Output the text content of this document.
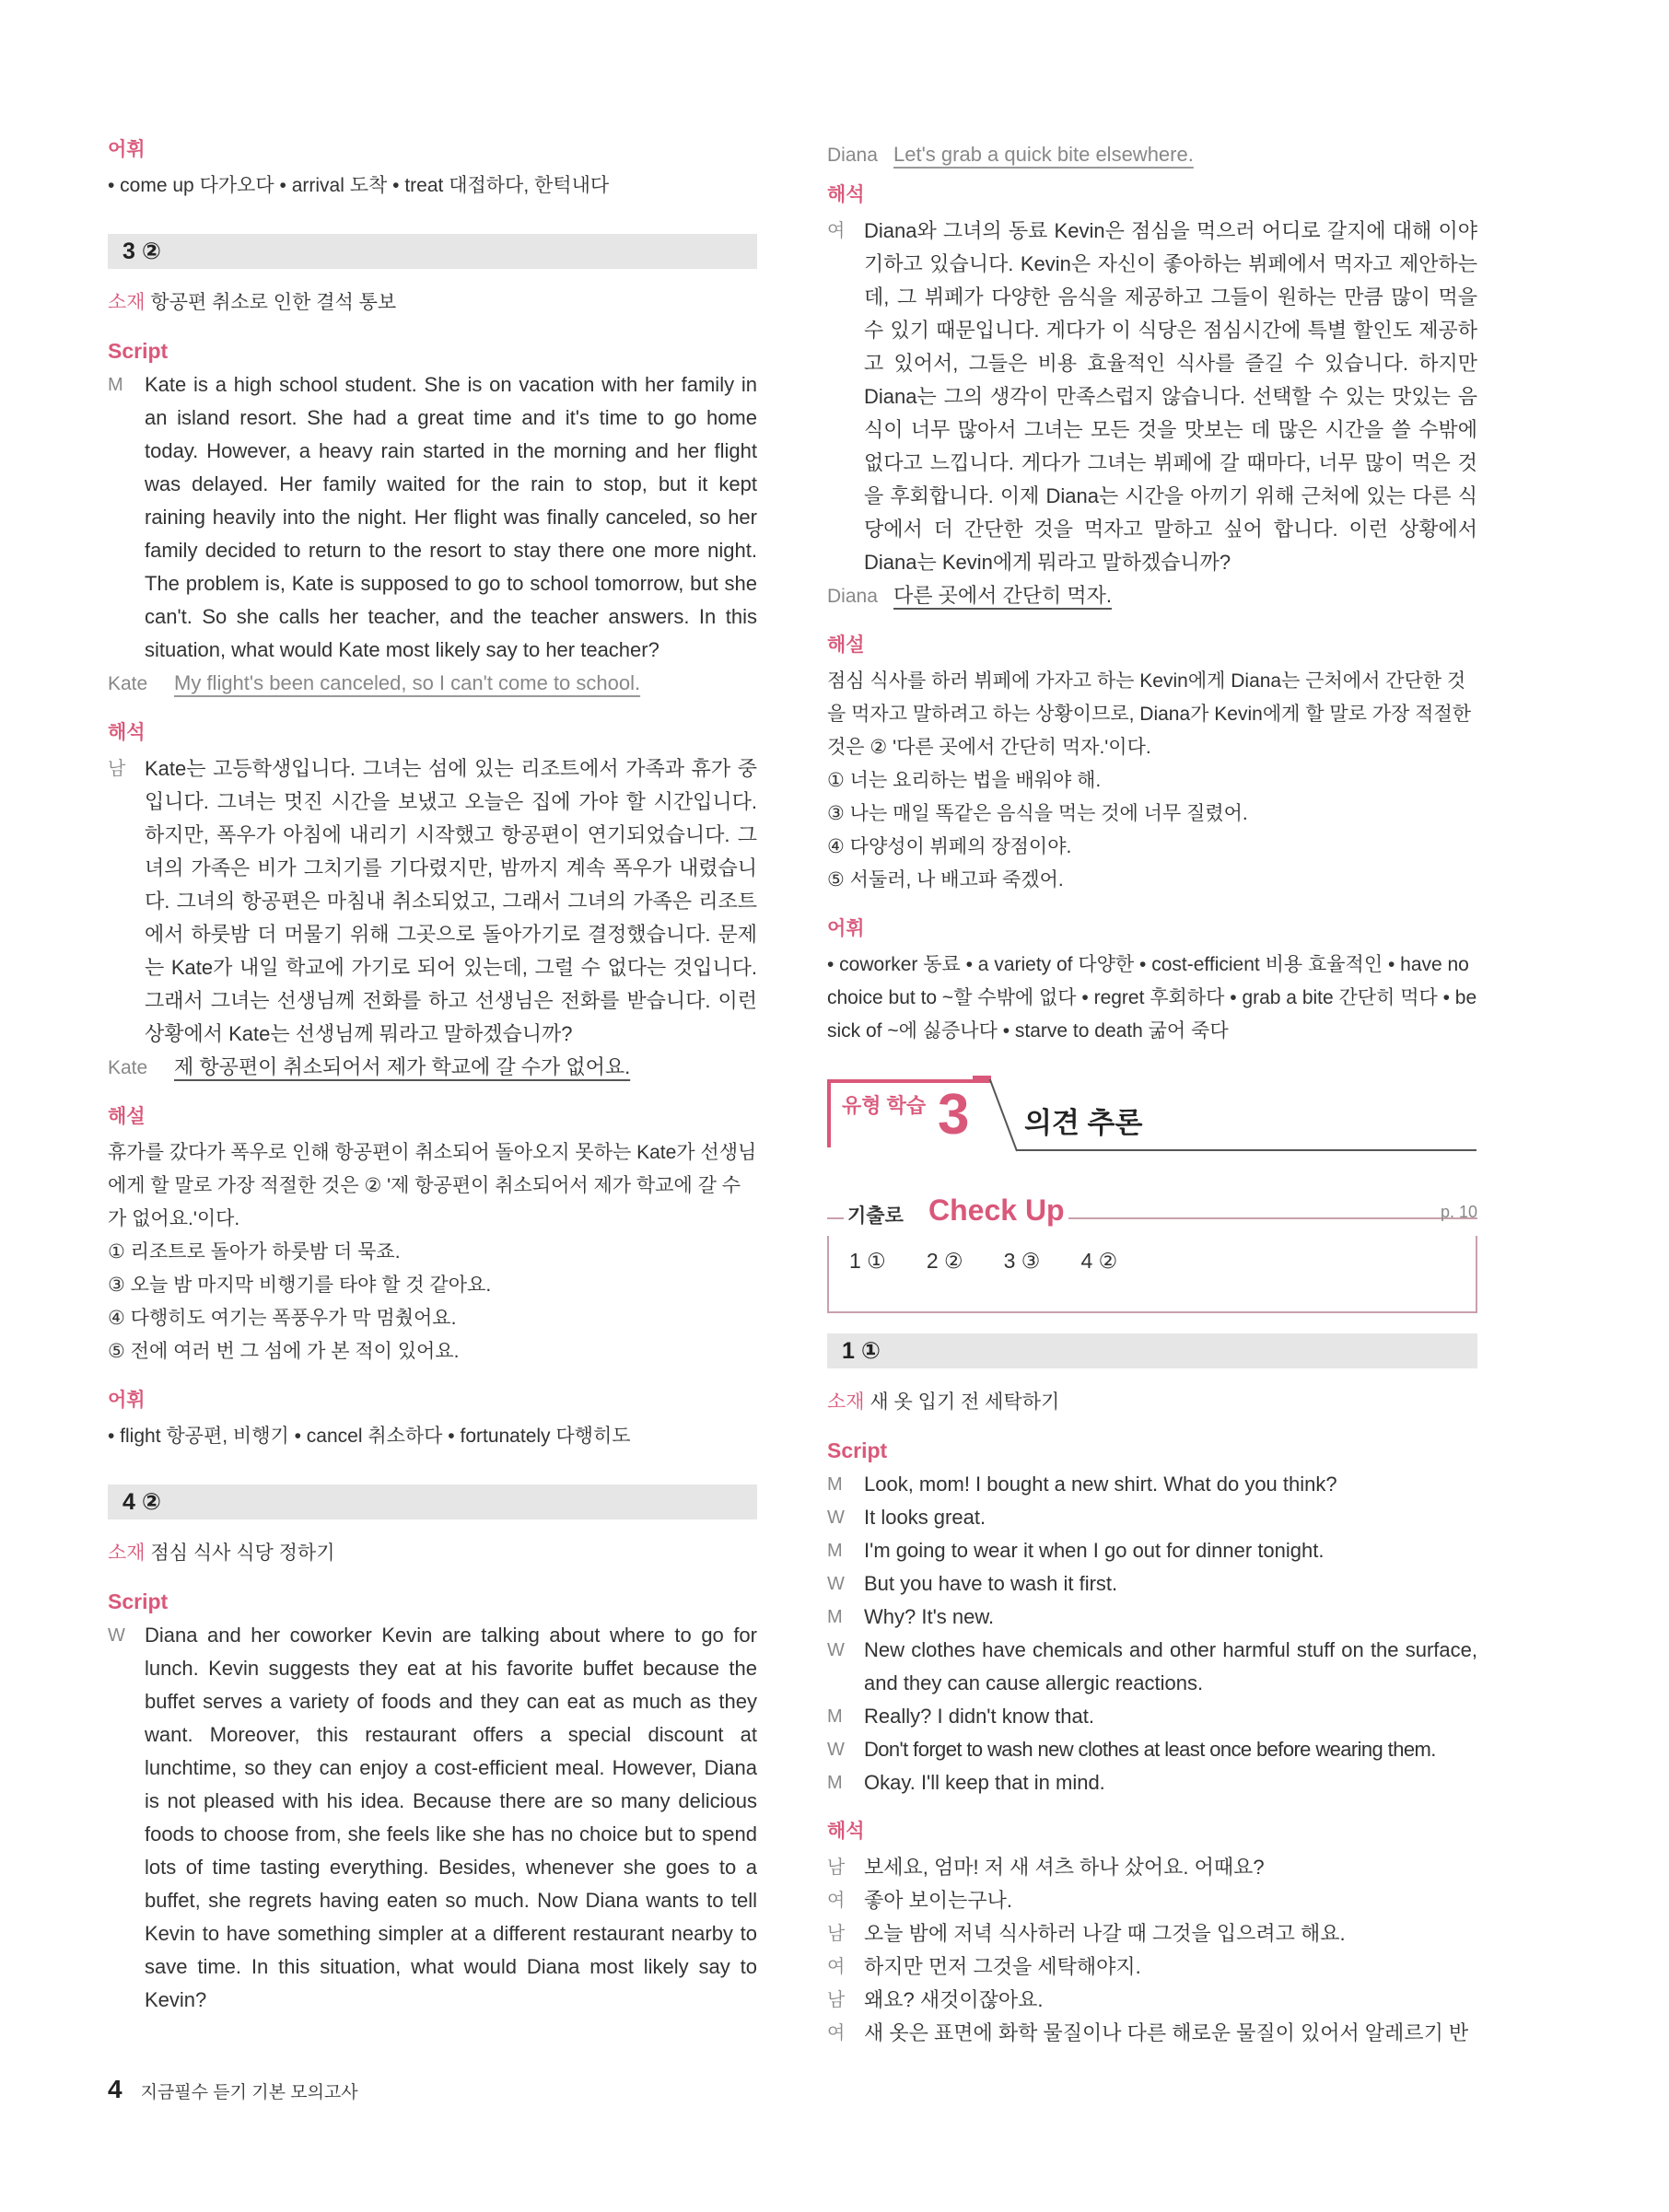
어휘

• come up 다가오다 • arrival 도착 • treat 대접하다, 한턱내다

3 ②

소재 항공편 취소로 인한 결석 통보

Script

M	Kate is a high school student. She is on vacation with her family in an island resort. She had a great time and it's time to go home today. However, a heavy rain started in the morning and her flight was delayed. Her family waited for the rain to stop, but it kept raining heavily into the night. Her flight was finally canceled, so her family decided to return to the resort to stay there one more night. The problem is, Kate is supposed to go to school tomorrow, but she can't. So she calls her teacher, and the teacher answers. In this situation, what would Kate most likely say to her teacher?
Kate	My flight's been canceled, so I can't come to school.

해석

남 Kate는 고등학생입니다. 그녀는 섬에 있는 리조트에서 가족과 휴가 중입니다. 그녀는 멋진 시간을 보냈고 오늘은 집에 가야 할 시간입니다. 하지만, 폭우가 아침에 내리기 시작했고 항공편이 연기되었습니다. 그녀의 가족은 비가 그치기를 기다렸지만, 밤까지 계속 폭우가 내렸습니다. 그녀의 항공편은 마침내 취소되었고, 그래서 그녀의 가족은 리조트에서 하룻밤 더 머물기 위해 그곳으로 돌아가기로 결정했습니다. 문제는 Kate가 내일 학교에 가기로 되어 있는데, 그럴 수 없다는 것입니다. 그래서 그녀는 선생님께 전화를 하고 선생님은 전화를 받습니다. 이런 상황에서 Kate는 선생님께 뭐라고 말하겠습니까?
Kate	제 항공편이 취소되어서 제가 학교에 갈 수가 없어요.

해설

휴가를 갔다가 폭우로 인해 항공편이 취소되어 돌아오지 못하는 Kate가 선생님에게 할 말로 가장 적절한 것은 ② '제 항공편이 취소되어서 제가 학교에 갈 수가 없어요.'이다.

① 리조트로 돌아가 하룻밤 더 묵죠.

③ 오늘 밤 마지막 비행기를 타야 할 것 같아요.

④ 다행히도 여기는 폭풍우가 막 멈췄어요.

⑤ 전에 여러 번 그 섬에 가 본 적이 있어요.

어휘

• flight 항공편, 비행기 • cancel 취소하다 • fortunately 다행히도

4 ②

소재 점심 식사 식당 정하기

Script

W Diana and her coworker Kevin are talking about where to go for lunch. Kevin suggests they eat at his favorite buffet because the buffet serves a variety of foods and they can eat as much as they want. Moreover, this restaurant offers a special discount at lunchtime, so they can enjoy a cost-efficient meal. However, Diana is not pleased with his idea. Because there are so many delicious foods to choose from, she feels like she has no choice but to spend lots of time tasting everything. Besides, whenever she goes to a buffet, she regrets having eaten so much. Now Diana wants to tell Kevin to have something simpler at a different restaurant nearby to save time. In this situation, what would Diana most likely say to Kevin?
Diana Let's grab a quick bite elsewhere.

해석

여 Diana와 그녀의 동료 Kevin은 점심을 먹으러 어디로 갈지에 대해 이야기하고 있습니다. Kevin은 자신이 좋아하는 뷔페에서 먹자고 제안하는데, 그 뷔페가 다양한 음식을 제공하고 그들이 원하는 만큼 많이 먹을 수 있기 때문입니다. 게다가 이 식당은 점심시간에 특별 할인도 제공하고 있어서, 그들은 비용 효율적인 식사를 즐길 수 있습니다. 하지만 Diana는 그의 생각이 만족스럽지 않습니다. 선택할 수 있는 맛있는 음식이 너무 많아서 그녀는 모든 것을 맛보는 데 많은 시간을 쓸 수밖에 없다고 느낍니다. 게다가 그녀는 뷔페에 갈 때마다, 너무 많이 먹은 것을 후회합니다. 이제 Diana는 시간을 아끼기 위해 근처에 있는 다른 식당에서 더 간단한 것을 먹자고 말하고 싶어 합니다. 이런 상황에서 Diana는 Kevin에게 뭐라고 말하겠습니까?
Diana 다른 곳에서 간단히 먹자.

해설

점심 식사를 하러 뷔페에 가자고 하는 Kevin에게 Diana는 근처에서 간단한 것을 먹자고 말하려고 하는 상황이므로, Diana가 Kevin에게 할 말로 가장 적절한 것은 ② '다른 곳에서 간단히 먹자.'이다.

① 너는 요리하는 법을 배워야 해.

③ 나는 매일 똑같은 음식을 먹는 것에 너무 질렸어.

④ 다양성이 뷔페의 장점이야.

⑤ 서둘러, 나 배고파 죽겠어.

어휘

• coworker 동료 • a variety of 다양한 • cost-efficient 비용 효율적인 • have no choice but to ~할 수밖에 없다 • regret 후회하다 • grab a bite 간단히 먹다 • be sick of ~에 싫증나다 • starve to death 굶어 죽다

유형 학습 3 의견 추론
기출로 Check Up	p. 10
1 ① 2 ② 3 ③ 4 ②
1 ①

소재 새 옷 입기 전 세탁하기

Script

M	Look, mom! I bought a new shirt. What do you think?
W It looks great.
M	I'm going to wear it when I go out for dinner tonight.
W But you have to wash it first.
M	Why? It's new.
W New clothes have chemicals and other harmful stuff on the surface, and they can cause allergic reactions.
M	Really? I didn't know that.
W Don't forget to wash new clothes at least once before wearing them.
M	Okay. I'll keep that in mind.

해석

남 보세요, 엄마! 저 새 셔츠 하나 샀어요. 어때요?
여 좋아 보이는구나.
남 오늘 밤에 저녁 식사하러 나갈 때 그것을 입으려고 해요.
여 하지만 먼저 그것을 세탁해야지.
남 왜요? 새것이잖아요.
여 새 옷은 표면에 화학 물질이나 다른 해로운 물질이 있어서 알레르기 반
4 지금필수 듣기 기본 모의고사
